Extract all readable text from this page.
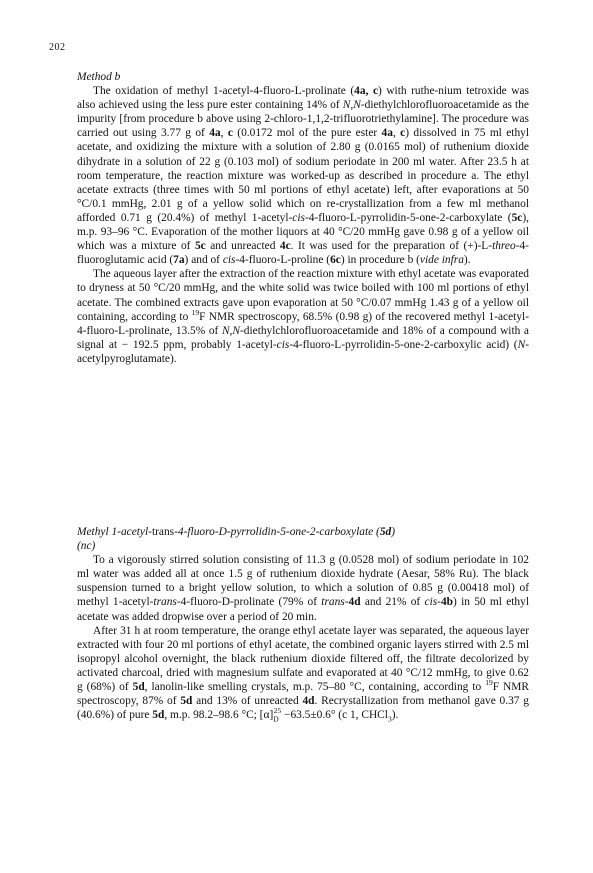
202

Method b

The oxidation of methyl 1-acetyl-4-fluoro-L-prolinate (4a, c) with ruthe-nium tetroxide was also achieved using the less pure ester containing 14% of N,N-diethylchlorofluoroacetamide as the impurity [from procedure b above using 2-chloro-1,1,2-trifluorotriethylamine]. The procedure was carried out using 3.77 g of 4a, c (0.0172 mol of the pure ester 4a, c) dissolved in 75 ml ethyl acetate, and oxidizing the mixture with a solution of 2.80 g (0.0165 mol) of ruthenium dioxide dihydrate in a solution of 22 g (0.103 mol) of sodium periodate in 200 ml water. After 23.5 h at room temperature, the reaction mixture was worked-up as described in procedure a. The ethyl acetate extracts (three times with 50 ml portions of ethyl acetate) left, after evaporations at 50 °C/0.1 mmHg, 2.01 g of a yellow solid which on re-crystallization from a few ml methanol afforded 0.71 g (20.4%) of methyl 1-acetyl-cis-4-fluoro-L-pyrrolidin-5-one-2-carboxylate (5c), m.p. 93–96 °C. Evaporation of the mother liquors at 40 °C/20 mmHg gave 0.98 g of a yellow oil which was a mixture of 5c and unreacted 4c. It was used for the preparation of (+)-L-threo-4-fluoroglutamic acid (7a) and of cis-4-fluoro-L-proline (6c) in procedure b (vide infra).

The aqueous layer after the extraction of the reaction mixture with ethyl acetate was evaporated to dryness at 50 °C/20 mmHg, and the white solid was twice boiled with 100 ml portions of ethyl acetate. The combined extracts gave upon evaporation at 50 °C/0.07 mmHg 1.43 g of a yellow oil containing, according to $^{19}$F NMR spectroscopy, 68.5% (0.98 g) of the recovered methyl 1-acetyl-4-fluoro-L-prolinate, 13.5% of N,N-diethylchlorofluoroacetamide and 18% of a compound with a signal at − 192.5 ppm, probably 1-acetyl-cis-4-fluoro-L-pyrrolidin-5-one-2-carboxylic acid) (N-acetylpyroglutamate).

Methyl 1-acetyl-trans-4-fluoro-D-pyrrolidin-5-one-2-carboxylate (5d)
(nc)

To a vigorously stirred solution consisting of 11.3 g (0.0528 mol) of sodium periodate in 102 ml water was added all at once 1.5 g of ruthenium dioxide hydrate (Aesar, 58% Ru). The black suspension turned to a bright yellow solution, to which a solution of 0.85 g (0.00418 mol) of methyl 1-acetyl-trans-4-fluoro-D-prolinate (79% of trans-4d and 21% of cis-4b) in 50 ml ethyl acetate was added dropwise over a period of 20 min.

After 31 h at room temperature, the orange ethyl acetate layer was separated, the aqueous layer extracted with four 20 ml portions of ethyl acetate, the combined organic layers stirred with 2.5 ml isopropyl alcohol overnight, the black ruthenium dioxide filtered off, the filtrate decolorized by activated charcoal, dried with magnesium sulfate and evaporated at 40 °C/12 mmHg, to give 0.62 g (68%) of 5d, lanolin-like smelling crystals, m.p. 75–80 °C, containing, according to $^{19}$F NMR spectroscopy, 87% of 5d and 13% of unreacted 4d. Recrystallization from methanol gave 0.37 g (40.6%) of pure 5d, m.p. 98.2–98.6 °C; $[\alpha]_D^{25} -63.5\pm 0.6^\circ$ (c 1, CHCl$_3$).
